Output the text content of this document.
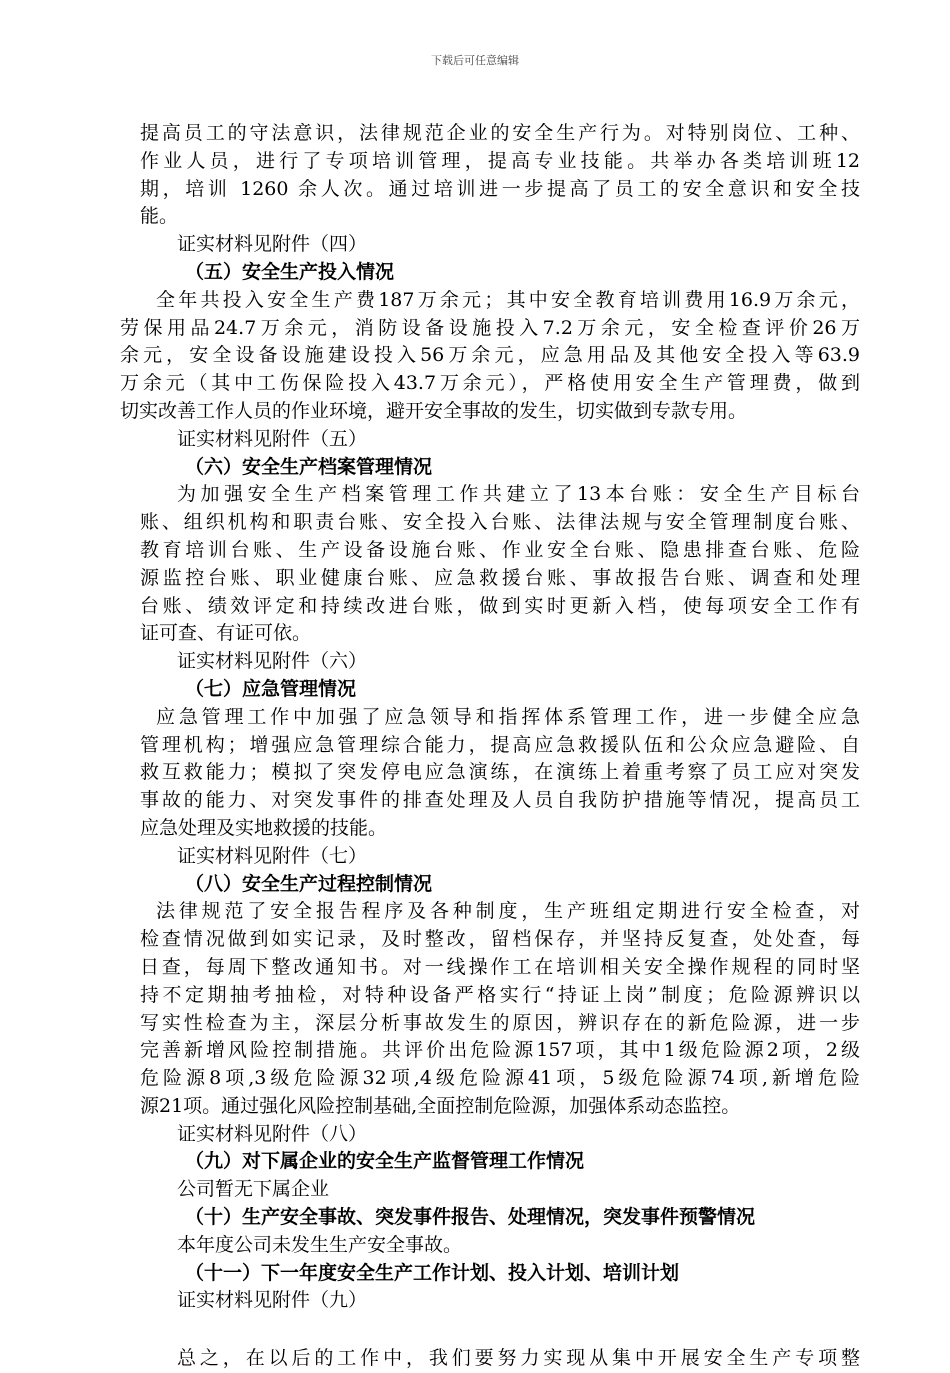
下载后可任意编辑
提高员工的守法意识，法律规范企业的安全生产行为。对特别岗位、工种、
作业人员，进行了专项培训管理，提高专业技能。共举办各类培训班12
期，培训 1260 余人次。通过培训进一步提高了员工的安全意识和安全技
能。
证实材料见附件（四）
（五）安全生产投入情况
全年共投入安全生产费187万余元；其中安全教育培训费用16.9万余元，
劳保用品24.7万余元，消防设备设施投入7.2万余元，安全检查评价26万
余元，安全设备设施建设投入56万余元，应急用品及其他安全投入等63.9
万余元（其中工伤保险投入43.7万余元），严格使用安全生产管理费，做到
切实改善工作人员的作业环境，避开安全事故的发生，切实做到专款专用。
证实材料见附件（五）
（六）安全生产档案管理情况
为加强安全生产档案管理工作共建立了13本台账：安全生产目标台
账、组织机构和职责台账、安全投入台账、法律法规与安全管理制度台账、
教育培训台账、生产设备设施台账、作业安全台账、隐患排查台账、危险
源监控台账、职业健康台账、应急救援台账、事故报告台账、调查和处理
台账、绩效评定和持续改进台账，做到实时更新入档，使每项安全工作有
证可查、有证可依。
证实材料见附件（六）
（七）应急管理情况
应急管理工作中加强了应急领导和指挥体系管理工作，进一步健全应急
管理机构；增强应急管理综合能力，提高应急救援队伍和公众应急避险、自
救互救能力；模拟了突发停电应急演练，在演练上着重考察了员工应对突发
事故的能力、对突发事件的排查处理及人员自我防护措施等情况，提高员工
应急处理及实地救援的技能。
证实材料见附件（七）
（八）安全生产过程控制情况
法律规范了安全报告程序及各种制度，生产班组定期进行安全检查，对
检查情况做到如实记录，及时整改，留档保存，并坚持反复查，处处查，每
日查，每周下整改通知书。对一线操作工在培训相关安全操作规程的同时坚
持不定期抽考抽检，对特种设备严格实行“持证上岗”制度；危险源辨识以
写实性检查为主，深层分析事故发生的原因，辨识存在的新危险源，进一步
完善新增风险控制措施。共评价出危险源157项，其中1级危险源2项，2级
危险源8项,3级危险源32项,4级危险源41项，5级危险源74项,新增危险
源21项。通过强化风险控制基础,全面控制危险源，加强体系动态监控。
证实材料见附件（八）
（九）对下属企业的安全生产监督管理工作情况
公司暂无下属企业
（十）生产安全事故、突发事件报告、处理情况，突发事件预警情况
本年度公司未发生生产安全事故。
（十一）下一年度安全生产工作计划、投入计划、培训计划
证实材料见附件（九）
总之，在以后的工作中，我们要努力实现从集中开展安全生产专项整
